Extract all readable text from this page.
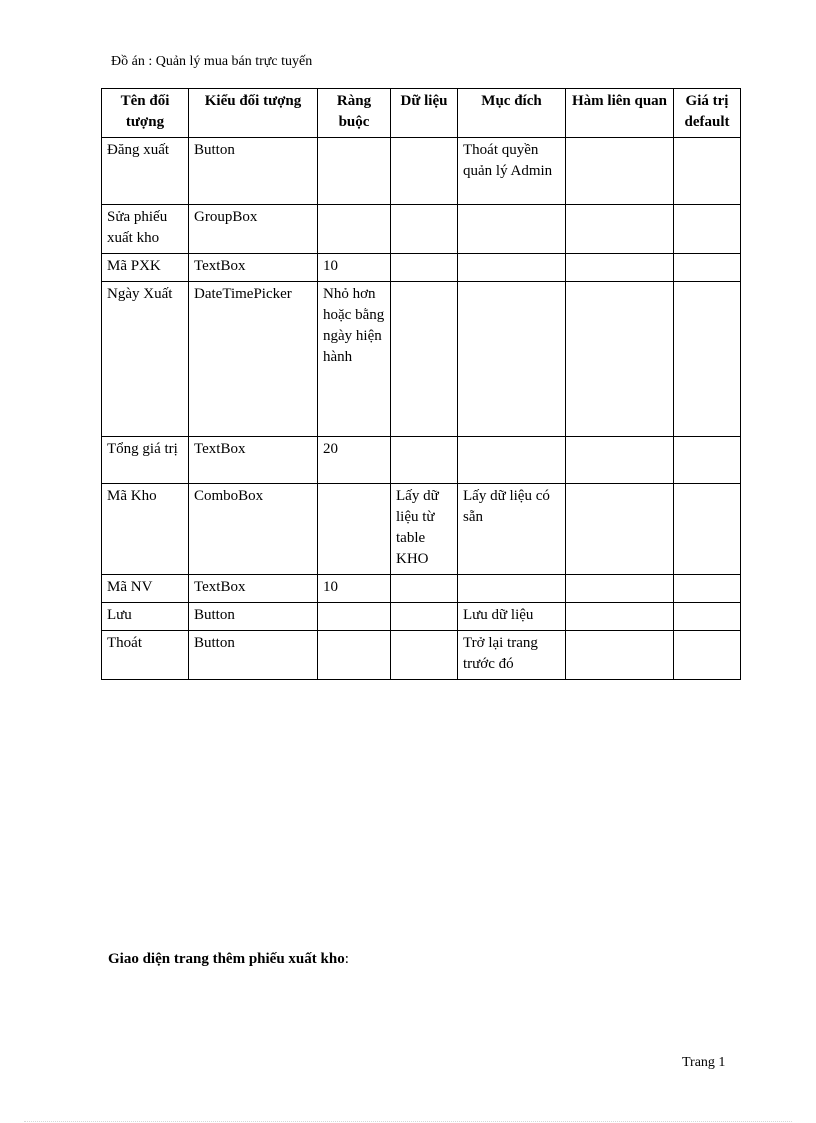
Đồ án : Quản lý mua bán trực tuyến
Tên đối tượng	Kiểu đối tượng	Ràng buộc	Dữ liệu	Mục đích	Hàm liên quan	Giá trị default
Đăng xuất	Button			Thoát quyền quản lý Admin		
Sửa phiếu xuất kho	GroupBox					
Mã PXK	TextBox	10				
Ngày Xuất	DateTimePicker	Nhỏ hơn hoặc bằng ngày hiện hành				
Tổng giá trị	TextBox	20				
Mã Kho	ComboBox		Lấy dữ liệu từ table KHO	Lấy dữ liệu có sẵn		
Mã NV	TextBox	10				
Lưu	Button			Lưu dữ liệu		
Thoát	Button			Trở lại trang trước đó		
Giao diện trang thêm phiếu xuất kho:
Trang 1
